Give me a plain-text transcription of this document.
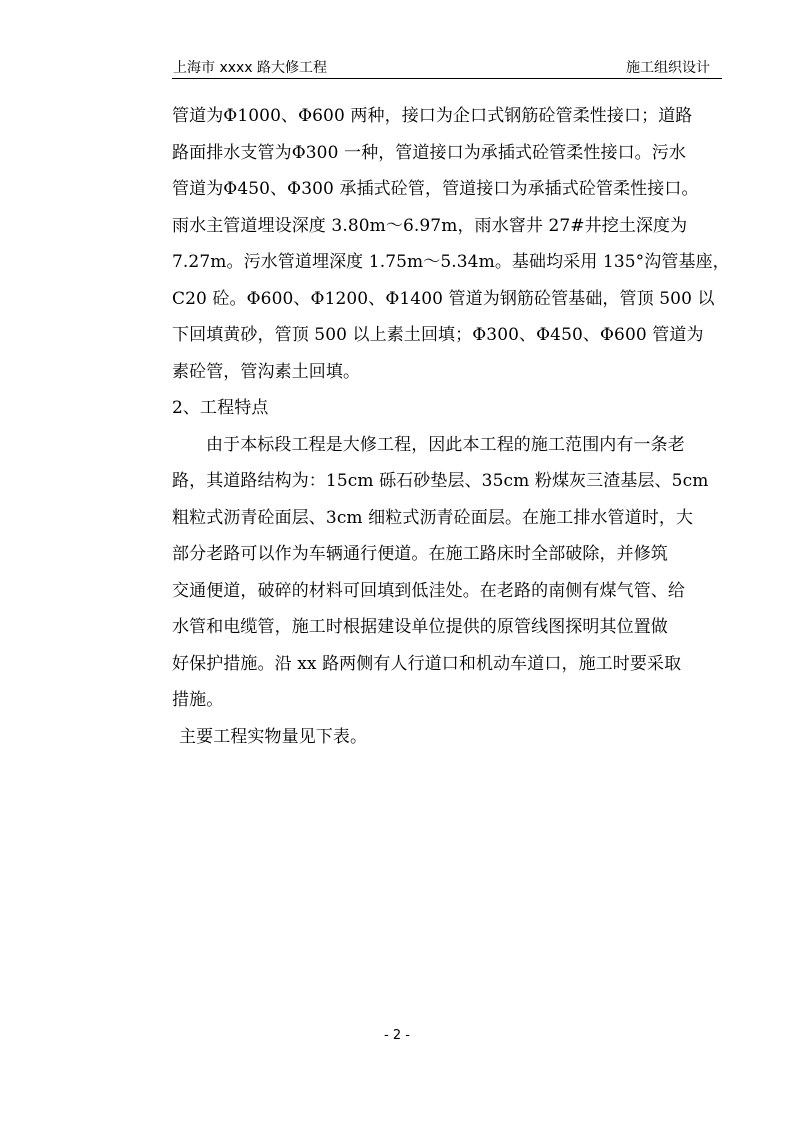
上海市 xxxx 路大修工程	施工组织设计
管道为Φ1000、Φ600 两种，接口为企口式钢筋砼管柔性接口；道路
路面排水支管为Φ300 一种，管道接口为承插式砼管柔性接口。污水
管道为Φ450、Φ300 承插式砼管，管道接口为承插式砼管柔性接口。
雨水主管道埋设深度 3.80m～6.97m，雨水窨井 27#井挖土深度为
7.27m。污水管道埋深度 1.75m～5.34m。基础均采用 135°沟管基座，
C20 砼。Φ600、Φ1200、Φ1400 管道为钢筋砼管基础，管顶 500 以
下回填黄砂，管顶 500 以上素土回填；Φ300、Φ450、Φ600 管道为
素砼管，管沟素土回填。
2、工程特点
由于本标段工程是大修工程，因此本工程的施工范围内有一条老
路，其道路结构为：15cm 砾石砂垫层、35cm 粉煤灰三渣基层、5cm
粗粒式沥青砼面层、3cm 细粒式沥青砼面层。在施工排水管道时，大
部分老路可以作为车辆通行便道。在施工路床时全部破除，并修筑
交通便道，破碎的材料可回填到低洼处。在老路的南侧有煤气管、给
水管和电缆管，施工时根据建设单位提供的原管线图探明其位置做
好保护措施。沿 xx 路两侧有人行道口和机动车道口，施工时要采取
措施。
主要工程实物量见下表。
- 2 -
